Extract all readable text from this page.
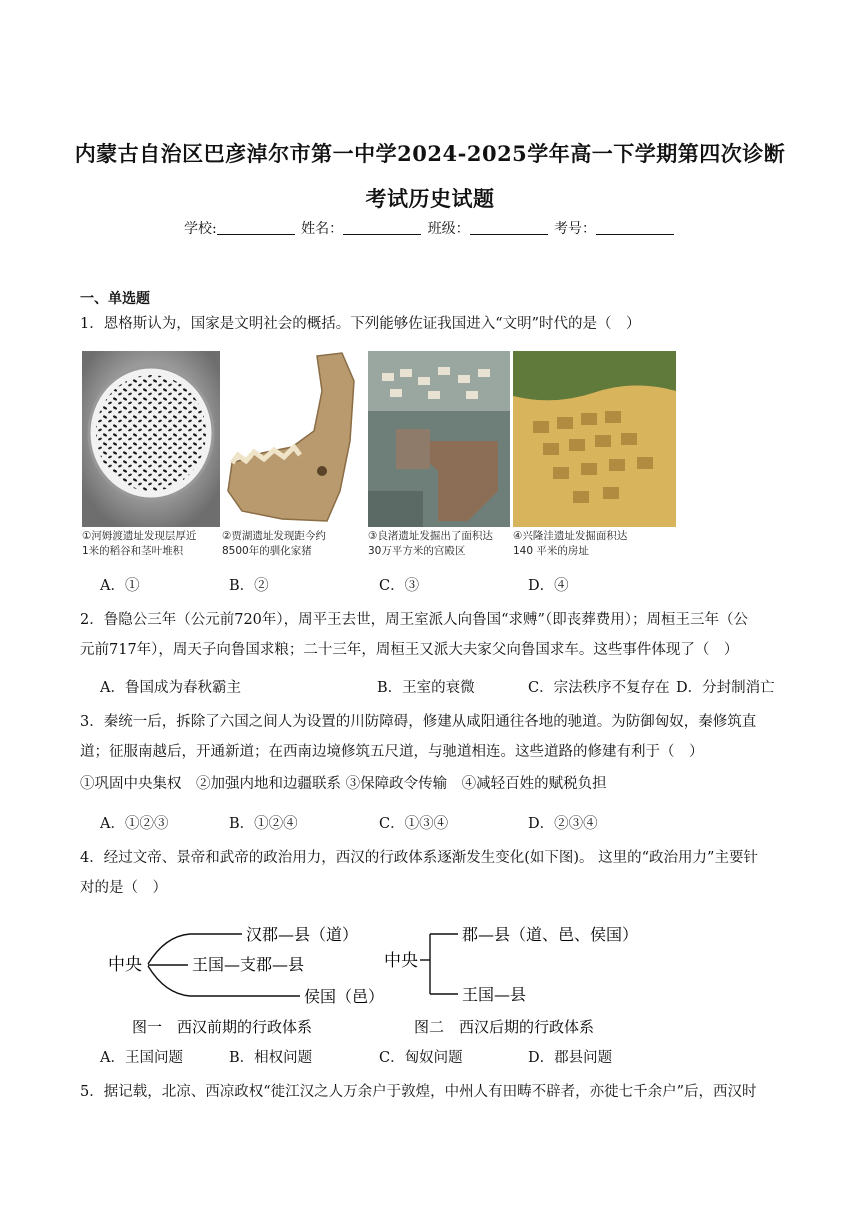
内蒙古自治区巴彦淖尔市第一中学2024-2025学年高一下学期第四次诊断
考试历史试题
学校:	姓名：	班级：	考号：
一、单选题
1．恩格斯认为，国家是文明社会的概括。下列能够佐证我国进入“文明”时代的是（　）
①河姆渡遗址发现层厚近
1米的稻谷和茎叶堆积
②贾湖遗址发现距今约
8500年的驯化家猪
③良渚遗址发掘出了面积达
30万平方米的宫殿区
④兴隆洼遗址发掘面积达
140 平米的房址
A．①	B．②	C．③	D．④
2．鲁隐公三年（公元前720年），周平王去世，周王室派人向鲁国“求赙”（即丧葬费用）；周桓王三年（公
元前717年），周天子向鲁国求粮；二十三年，周桓王又派大夫家父向鲁国求车。这些事件体现了（　）
A．鲁国成为春秋霸主	B．王室的衰微	C．宗法秩序不复存在 D．分封制消亡
3．秦统一后，拆除了六国之间人为设置的川防障碍，修建从咸阳通往各地的驰道。为防御匈奴，秦修筑直
道；征服南越后，开通新道；在西南边境修筑五尺道，与驰道相连。这些道路的修建有利于（　）
①巩固中央集权　②加强内地和边疆联系 ③保障政令传输　④减轻百姓的赋税负担
A．①②③	B．①②④	C．①③④	D．②③④
4．经过文帝、景帝和武帝的政治用力，西汉的行政体系逐渐发生变化(如下图)。 这里的“政治用力”主要针
对的是（　）
中央
汉郡—县（道）
王国—支郡—县
侯国（邑）
图一　西汉前期的行政体系
中央
郡—县（道、邑、侯国）
王国—县
图二　西汉后期的行政体系
A．王国问题	B．相权问题	C．匈奴问题	D．郡县问题
5．据记载，北凉、西凉政权“徙江汉之人万余户于敦煌，中州人有田畴不辟者，亦徙七千余户”后，西汉时
